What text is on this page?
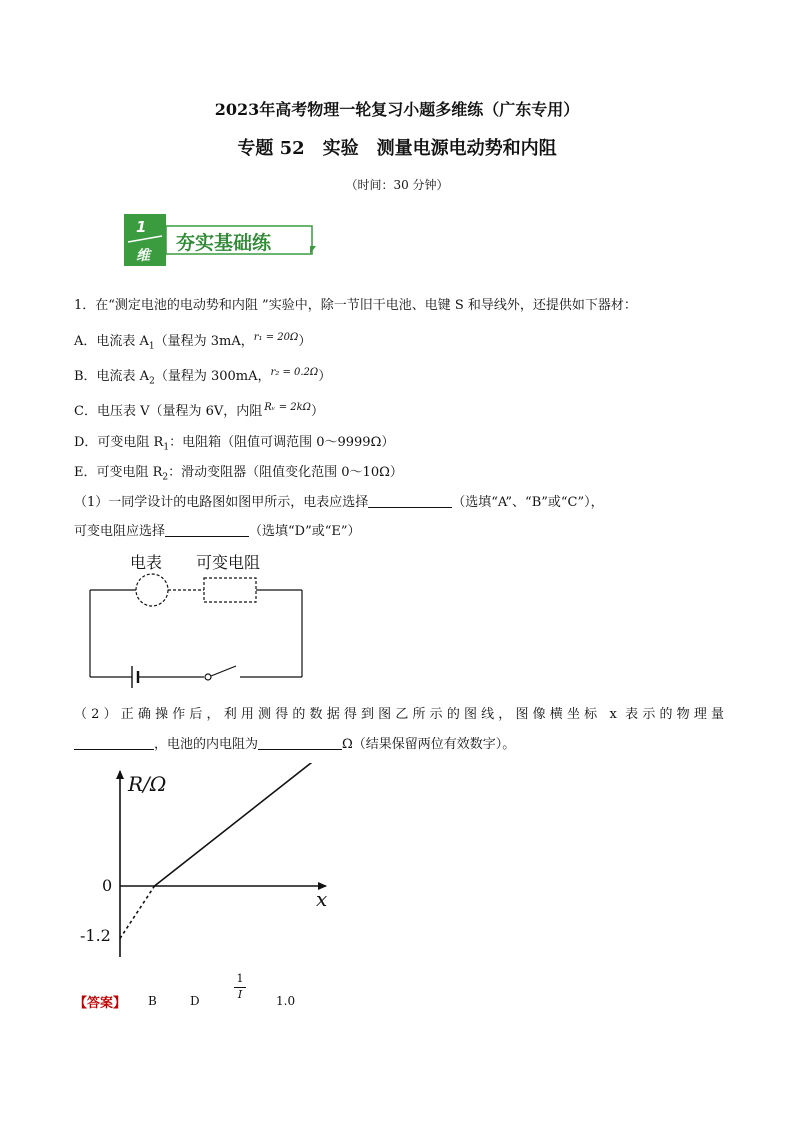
2023年高考物理一轮复习小题多维练（广东专用）
专题 52　实验　测量电源电动势和内阻
（时间：30 分钟）
1
维
夯实基础练
1．在“测定电池的电动势和内阻 ”实验中，除一节旧干电池、电键 S 和导线外，还提供如下器材：
A．电流表 $A_1$（量程为 3mA，$^{r_1 = 20\Omega}$）
B．电流表 $A_2$（量程为 300mA，$^{r_2 = 0.2\Omega}$）
C．电压表 V（量程为 6V，内阻 $^{Rᵥ = 2k\Omega}$）
D．可变电阻 $R_1$：电阻箱（阻值可调范围 0～9999Ω）
E．可变电阻 $R_2$：滑动变阻器（阻值变化范围 0～10Ω）
（1）一同学设计的电路图如图甲所示，电表应选择	（选填“A”、“B”或“C”），
可变电阻应选择	（选填“D”或“E”）
电表 可变电阻
（2）正确操作后，利用测得的数据得到图乙所示的图线，图像横坐标 x 表示的物理量
，电池的内电阻为	Ω（结果保留两位有效数字）。
R/Ω
x
0
-1.2
【答案】 B	D
1
I	1.0
